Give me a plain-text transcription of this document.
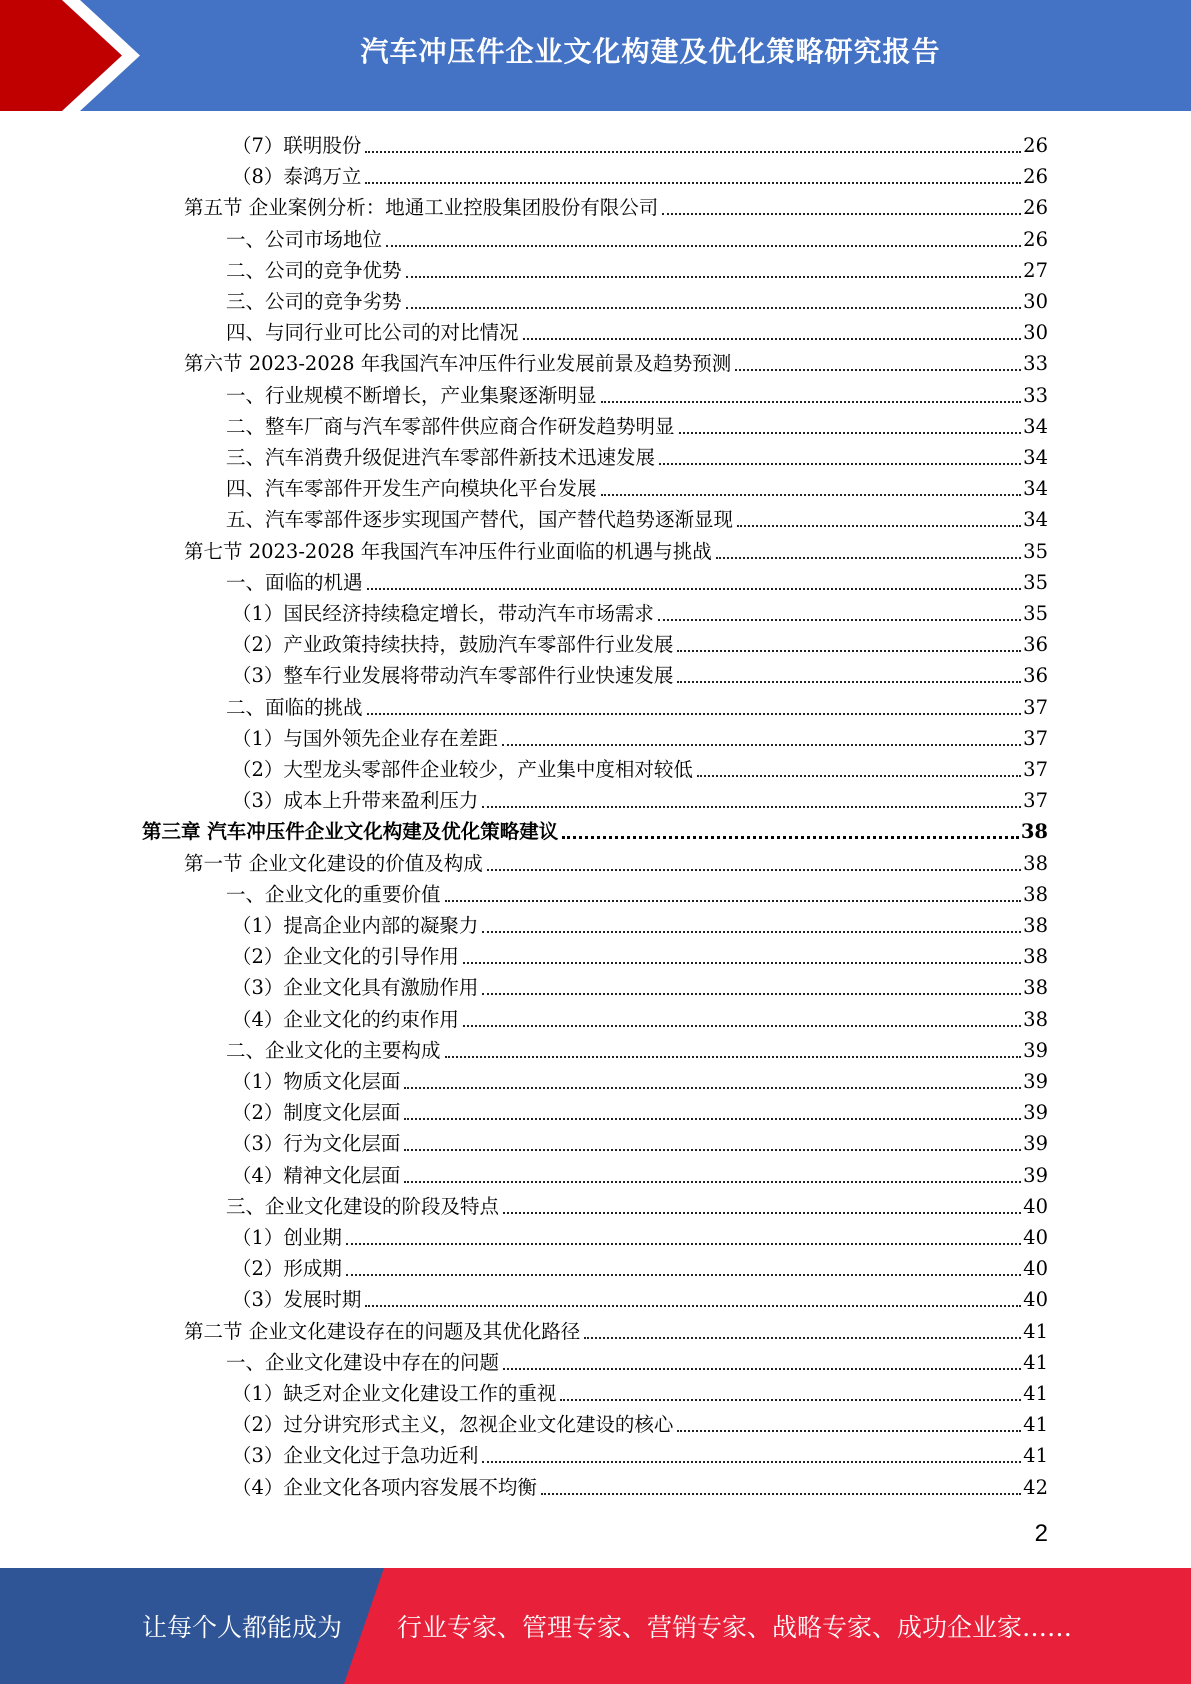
汽车冲压件企业文化构建及优化策略研究报告
（7）联明股份	26
（8）泰鸿万立	26
第五节 企业案例分析：地通工业控股集团股份有限公司	26
一、公司市场地位	26
二、公司的竞争优势	27
三、公司的竞争劣势	30
四、与同行业可比公司的对比情况	30
第六节 2023-2028 年我国汽车冲压件行业发展前景及趋势预测	33
一、行业规模不断增长，产业集聚逐渐明显	33
二、整车厂商与汽车零部件供应商合作研发趋势明显	34
三、汽车消费升级促进汽车零部件新技术迅速发展	34
四、汽车零部件开发生产向模块化平台发展	34
五、汽车零部件逐步实现国产替代，国产替代趋势逐渐显现	34
第七节 2023-2028 年我国汽车冲压件行业面临的机遇与挑战	35
一、面临的机遇	35
（1）国民经济持续稳定增长，带动汽车市场需求	35
（2）产业政策持续扶持，鼓励汽车零部件行业发展	36
（3）整车行业发展将带动汽车零部件行业快速发展	36
二、面临的挑战	37
（1）与国外领先企业存在差距	37
（2）大型龙头零部件企业较少，产业集中度相对较低	37
（3）成本上升带来盈利压力	37
第三章 汽车冲压件企业文化构建及优化策略建议	38
第一节 企业文化建设的价值及构成	38
一、企业文化的重要价值	38
（1）提高企业内部的凝聚力	38
（2）企业文化的引导作用	38
（3）企业文化具有激励作用	38
（4）企业文化的约束作用	38
二、企业文化的主要构成	39
（1）物质文化层面	39
（2）制度文化层面	39
（3）行为文化层面	39
（4）精神文化层面	39
三、企业文化建设的阶段及特点	40
（1）创业期	40
（2）形成期	40
（3）发展时期	40
第二节 企业文化建设存在的问题及其优化路径	41
一、企业文化建设中存在的问题	41
（1）缺乏对企业文化建设工作的重视	41
（2）过分讲究形式主义，忽视企业文化建设的核心	41
（3）企业文化过于急功近利	41
（4）企业文化各项内容发展不均衡	42
2
让每个人都能成为 行业专家、管理专家、营销专家、战略专家、成功企业家……
